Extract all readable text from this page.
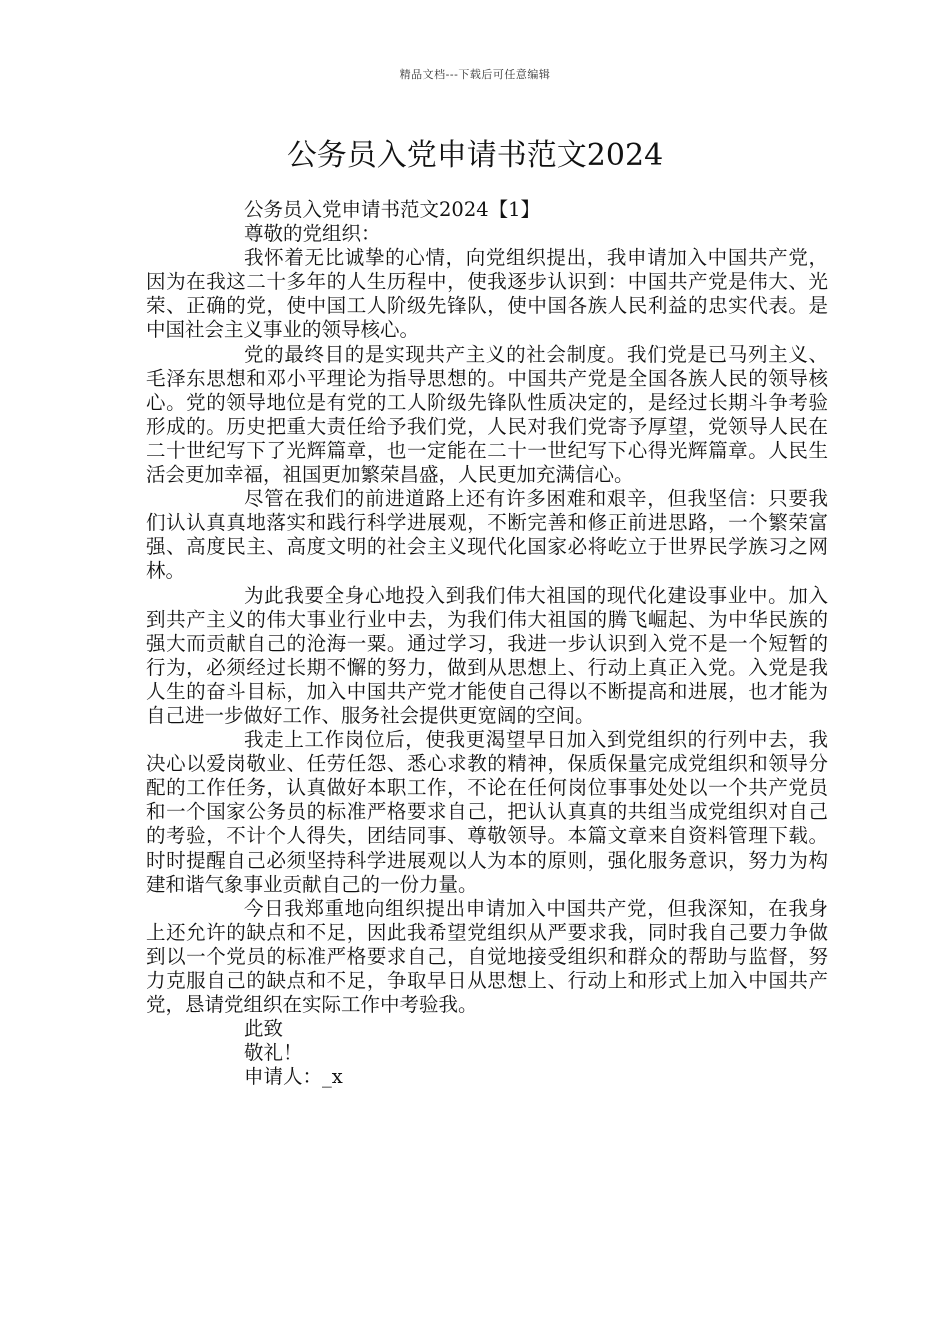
精品文档---下载后可任意编辑
公务员入党申请书范文2024
公务员入党申请书范文2024【1】
尊敬的党组织：

我怀着无比诚挚的心情，向党组织提出，我申请加入中国共产党，因为在我这二十多年的人生历程中，使我逐步认识到：中国共产党是伟大、光荣、正确的党，使中国工人阶级先锋队，使中国各族人民利益的忠实代表。是中国社会主义事业的领导核心。

党的最终目的是实现共产主义的社会制度。我们党是已马列主义、毛泽东思想和邓小平理论为指导思想的。中国共产党是全国各族人民的领导核心。党的领导地位是有党的工人阶级先锋队性质决定的，是经过长期斗争考验形成的。历史把重大责任给予我们党，人民对我们党寄予厚望，党领导人民在二十世纪写下了光辉篇章，也一定能在二十一世纪写下心得光辉篇章。人民生活会更加幸福，祖国更加繁荣昌盛，人民更加充满信心。

尽管在我们的前进道路上还有许多困难和艰辛，但我坚信：只要我们认认真真地落实和践行科学进展观，不断完善和修正前进思路，一个繁荣富强、高度民主、高度文明的社会主义现代化国家必将屹立于世界民学族习之网林。

为此我要全身心地投入到我们伟大祖国的现代化建设事业中。加入到共产主义的伟大事业行业中去，为我们伟大祖国的腾飞崛起、为中华民族的强大而贡献自己的沧海一粟。通过学习，我进一步认识到入党不是一个短暂的行为，必须经过长期不懈的努力，做到从思想上、行动上真正入党。入党是我人生的奋斗目标，加入中国共产党才能使自己得以不断提高和进展，也才能为自己进一步做好工作、服务社会提供更宽阔的空间。

我走上工作岗位后，使我更渴望早日加入到党组织的行列中去，我决心以爱岗敬业、任劳任怨、悉心求教的精神，保质保量完成党组织和领导分配的工作任务，认真做好本职工作，不论在任何岗位事事处处以一个共产党员和一个国家公务员的标准严格要求自己，把认认真真的共组当成党组织对自己的考验，不计个人得失，团结同事、尊敬领导。本篇文章来自资料管理下载。时时提醒自己必须坚持科学进展观以人为本的原则，强化服务意识，努力为构建和谐气象事业贡献自己的一份力量。

今日我郑重地向组织提出申请加入中国共产党，但我深知，在我身上还允许的缺点和不足，因此我希望党组织从严要求我，同时我自己要力争做到以一个党员的标准严格要求自己，自觉地接受组织和群众的帮助与监督，努力克服自己的缺点和不足，争取早日从思想上、行动上和形式上加入中国共产党，恳请党组织在实际工作中考验我。

此致
敬礼！
申请人：_x
